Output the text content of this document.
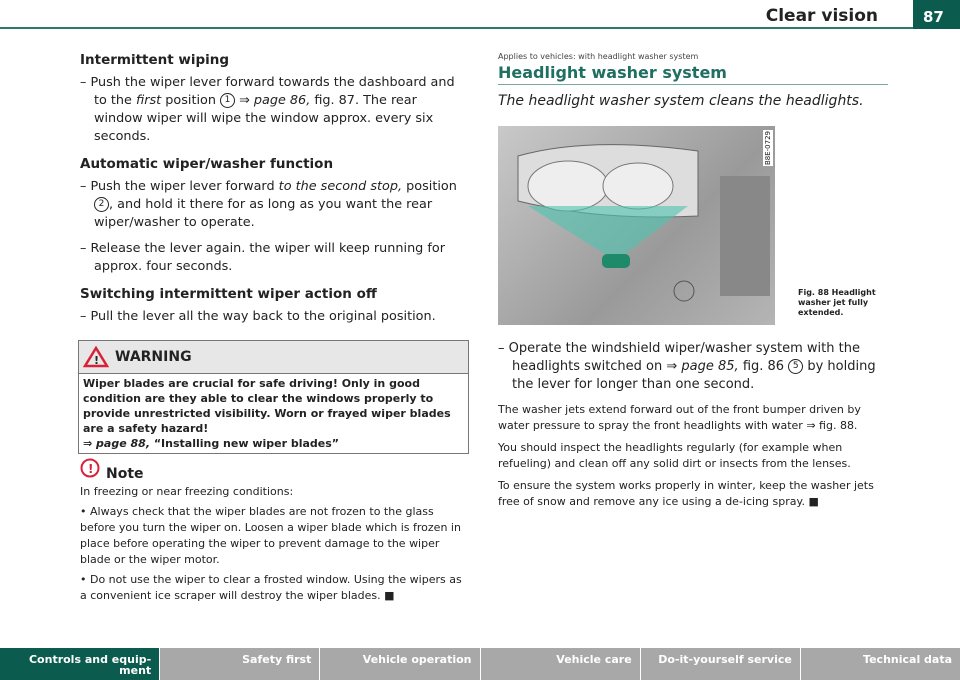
Clear vision	87
Intermittent wiping

– Push the wiper lever forward towards the dashboard and to the first position 1 ⇒ page 86, fig. 87. The rear window wiper will wipe the window approx. every six seconds.

Automatic wiper/washer function

– Push the wiper lever forward to the second stop, position 2 , and hold it there for as long as you want the rear wiper/washer to operate.

– Release the lever again. the wiper will keep running for approx. four seconds.

Switching intermittent wiper action off

– Pull the lever all the way back to the original position.

! WARNING
Wiper blades are crucial for safe driving! Only in good condition are they able to clear the windows properly to provide unrestricted visibility. Worn or frayed wiper blades are a safety hazard!
⇒ page 88, “Installing new wiper blades”
! Note

In freezing or near freezing conditions:

• Always check that the wiper blades are not frozen to the glass before you turn the wiper on. Loosen a wiper blade which is frozen in place before operating the wiper to prevent damage to the wiper blade or the wiper motor.

• Do not use the wiper to clear a frosted window. Using the wipers as a convenient ice scraper will destroy the wiper blades. ■

Applies to vehicles: with headlight washer system

Headlight washer system

The headlight washer system cleans the headlights.

B8E-0729
Fig. 88 Headlight washer jet fully extended.

– Operate the windshield wiper/washer system with the headlights switched on ⇒ page 85, fig. 86 5 by holding the lever for longer than one second.

The washer jets extend forward out of the front bumper driven by water pressure to spray the front headlights with water ⇒ fig. 88.

You should inspect the headlights regularly (for example when refueling) and clean off any solid dirt or insects from the lenses.

To ensure the system works properly in winter, keep the washer jets free of snow and remove any ice using a de-icing spray. ■

Controls and equip- ment
Safety first	Vehicle operation	Vehicle care	Do-it-yourself service	Technical data
